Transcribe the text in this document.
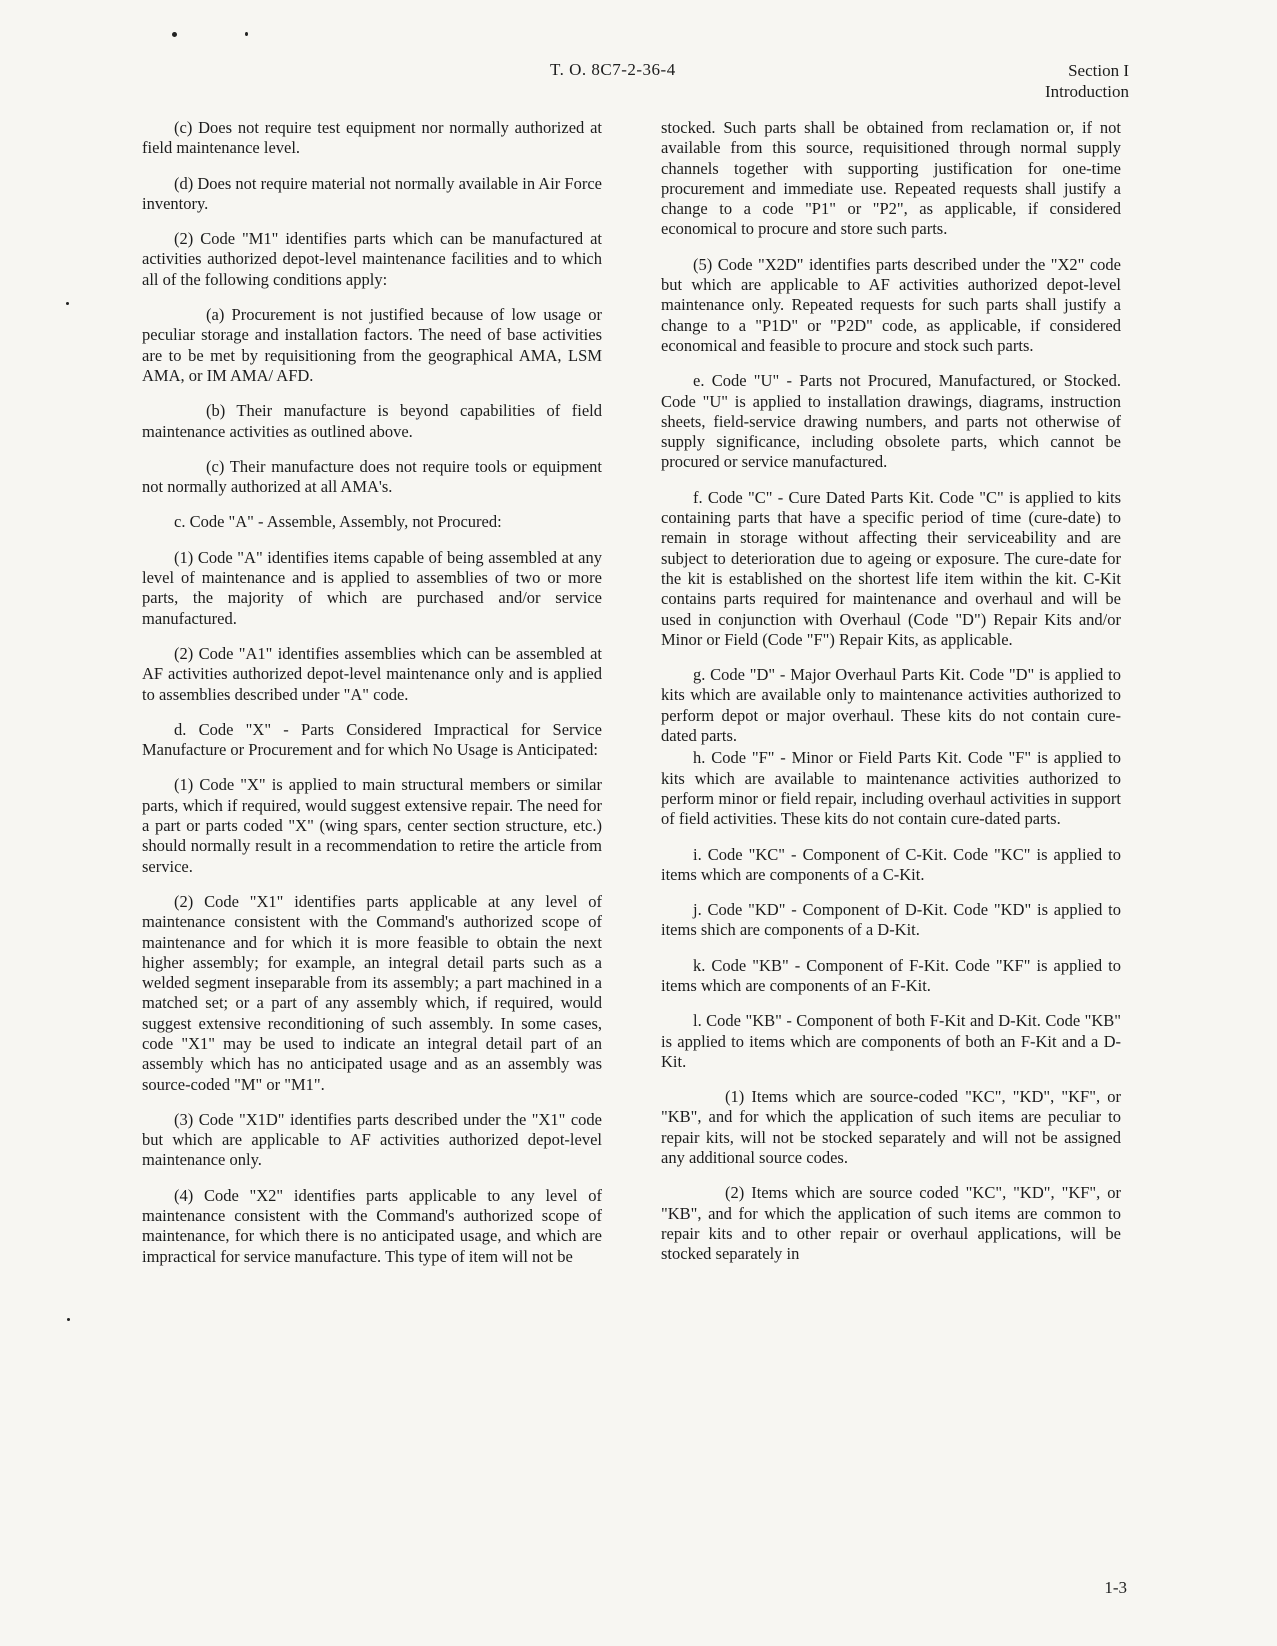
T. O. 8C7-2-36-4	Section I
Introduction

(c) Does not require test equipment nor normally authorized at field maintenance level.

(d) Does not require material not normally available in Air Force inventory.

(2) Code "M1" identifies parts which can be manufactured at activities authorized depot-level maintenance facilities and to which all of the following conditions apply:

(a) Procurement is not justified because of low usage or peculiar storage and installation factors. The need of base activities are to be met by requisitioning from the geographical AMA, LSM AMA, or IM AMA/ AFD.

(b) Their manufacture is beyond capabilities of field maintenance activities as outlined above.

(c) Their manufacture does not require tools or equipment not normally authorized at all AMA's.

c. Code "A" - Assemble, Assembly, not Procured:

(1) Code "A" identifies items capable of being assembled at any level of maintenance and is applied to assemblies of two or more parts, the majority of which are purchased and/or service manufactured.

(2) Code "A1" identifies assemblies which can be assembled at AF activities authorized depot-level maintenance only and is applied to assemblies described under "A" code.

d. Code "X" - Parts Considered Impractical for Service Manufacture or Procurement and for which No Usage is Anticipated:

(1) Code "X" is applied to main structural members or similar parts, which if required, would suggest extensive repair. The need for a part or parts coded "X" (wing spars, center section structure, etc.) should normally result in a recommendation to retire the article from service.

(2) Code "X1" identifies parts applicable at any level of maintenance consistent with the Command's authorized scope of maintenance and for which it is more feasible to obtain the next higher assembly; for example, an integral detail parts such as a welded segment inseparable from its assembly; a part machined in a matched set; or a part of any assembly which, if required, would suggest extensive reconditioning of such assembly. In some cases, code "X1" may be used to indicate an integral detail part of an assembly which has no anticipated usage and as an assembly was source-coded "M" or "M1".

(3) Code "X1D" identifies parts described under the "X1" code but which are applicable to AF activities authorized depot-level maintenance only.

(4) Code "X2" identifies parts applicable to any level of maintenance consistent with the Command's authorized scope of maintenance, for which there is no anticipated usage, and which are impractical for service manufacture. This type of item will not be

stocked. Such parts shall be obtained from reclamation or, if not available from this source, requisitioned through normal supply channels together with supporting justification for one-time procurement and immediate use. Repeated requests shall justify a change to a code "P1" or "P2", as applicable, if considered economical to procure and store such parts.

(5) Code "X2D" identifies parts described under the "X2" code but which are applicable to AF activities authorized depot-level maintenance only. Repeated requests for such parts shall justify a change to a "P1D" or "P2D" code, as applicable, if considered economical and feasible to procure and stock such parts.

e. Code "U" - Parts not Procured, Manufactured, or Stocked. Code "U" is applied to installation drawings, diagrams, instruction sheets, field-service drawing numbers, and parts not otherwise of supply significance, including obsolete parts, which cannot be procured or service manufactured.

f. Code "C" - Cure Dated Parts Kit. Code "C" is applied to kits containing parts that have a specific period of time (cure-date) to remain in storage without affecting their serviceability and are subject to deterioration due to ageing or exposure. The cure-date for the kit is established on the shortest life item within the kit. C-Kit contains parts required for maintenance and overhaul and will be used in conjunction with Overhaul (Code "D") Repair Kits and/or Minor or Field (Code "F") Repair Kits, as applicable.

g. Code "D" - Major Overhaul Parts Kit. Code "D" is applied to kits which are available only to maintenance activities authorized to perform depot or major overhaul. These kits do not contain cure-dated parts.

h. Code "F" - Minor or Field Parts Kit. Code "F" is applied to kits which are available to maintenance activities authorized to perform minor or field repair, including overhaul activities in support of field activities. These kits do not contain cure-dated parts.

i. Code "KC" - Component of C-Kit. Code "KC" is applied to items which are components of a C-Kit.

j. Code "KD" - Component of D-Kit. Code "KD" is applied to items shich are components of a D-Kit.

k. Code "KB" - Component of F-Kit. Code "KF" is applied to items which are components of an F-Kit.

l. Code "KB" - Component of both F-Kit and D-Kit. Code "KB" is applied to items which are components of both an F-Kit and a D-Kit.

(1) Items which are source-coded "KC", "KD", "KF", or "KB", and for which the application of such items are peculiar to repair kits, will not be stocked separately and will not be assigned any additional source codes.

(2) Items which are source coded "KC", "KD", "KF", or "KB", and for which the application of such items are common to repair kits and to other repair or overhaul applications, will be stocked separately in

1-3
